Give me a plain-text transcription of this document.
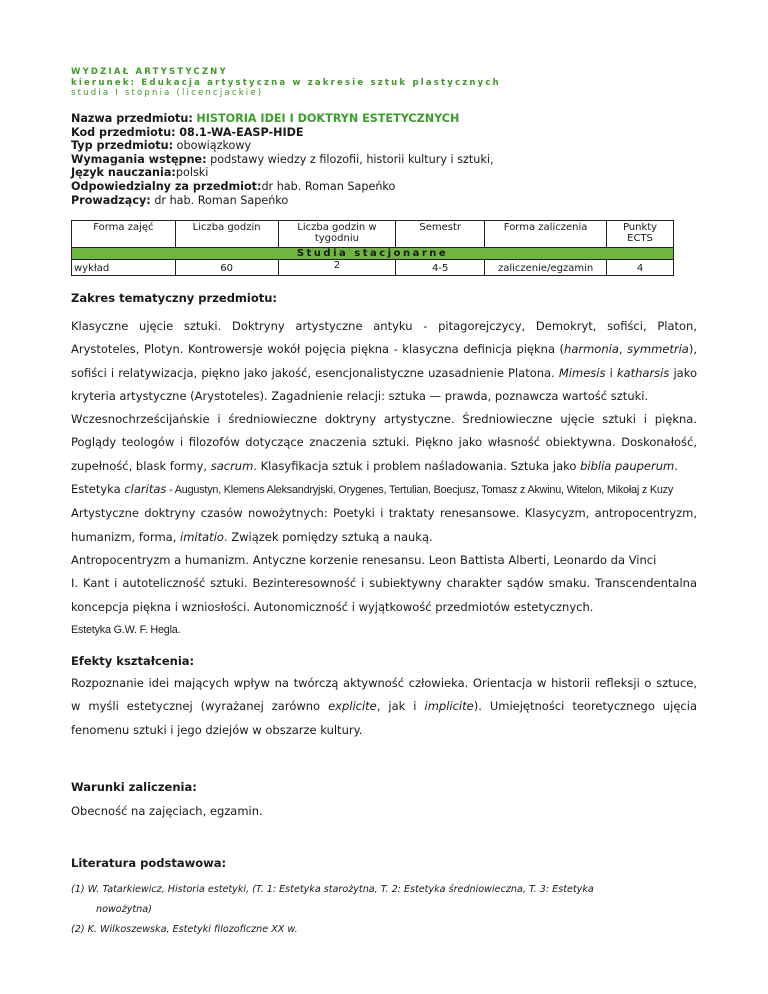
WYDZIAŁ ARTYSTYCZNY
kierunek: Edukacja artystyczna w zakresie sztuk plastycznych
studia I stopnia (licencjackie)
Nazwa przedmiotu: HISTORIA IDEI I DOKTRYN ESTETYCZNYCH
Kod przedmiotu: 08.1-WA-EASP-HIDE
Typ przedmiotu: obowiązkowy
Wymagania wstępne: podstawy wiedzy z filozofii, historii kultury i sztuki,
Język nauczania:polski
Odpowiedzialny za przedmiot:dr hab. Roman Sapeńko
Prowadzący: dr hab. Roman Sapeńko
Forma zajęć	Liczba godzin	Liczba godzin w tygodniu	Semestr	Forma zaliczenia	Punkty ECTS
Studia stacjonarne					
wykład	60	2	4-5	zaliczenie/egzamin	4
Zakres tematyczny przedmiotu:

Klasyczne ujęcie sztuki. Doktryny artystyczne antyku - pitagorejczycy, Demokryt, sofiści, Platon, Arystoteles, Plotyn. Kontrowersje wokół pojęcia piękna - klasyczna definicja piękna (harmonia, symmetria), sofiści i relatywizacja, piękno jako jakość, esencjonalistyczne uzasadnienie Platona. Mimesis i katharsis jako kryteria artystyczne (Arystoteles). Zagadnienie relacji: sztuka — prawda, poznawcza wartość sztuki.

Wczesnochrześcijańskie i średniowieczne doktryny artystyczne. Średniowieczne ujęcie sztuki i piękna. Poglądy teologów i filozofów dotyczące znaczenia sztuki. Piękno jako własność obiektywna. Doskonałość, zupełność, blask formy, sacrum. Klasyfikacja sztuk i problem naśladowania. Sztuka jako biblia pauperum.

Estetyka claritas - Augustyn, Klemens Aleksandryjski, Orygenes, Tertulian, Boecjusz, Tomasz z Akwinu, Witelon, Mikołaj z Kuzy

Artystyczne doktryny czasów nowożytnych: Poetyki i traktaty renesansowe. Klasycyzm, antropocentryzm, humanizm, forma, imitatio. Związek pomiędzy sztuką a nauką.

Antropocentryzm a humanizm. Antyczne korzenie renesansu. Leon Battista Alberti, Leonardo da Vinci

I. Kant i autoteliczność sztuki. Bezinteresowność i subiektywny charakter sądów smaku. Transcendentalna koncepcja piękna i wzniosłości. Autonomiczność i wyjątkowość przedmiotów estetycznych.

Estetyka G.W. F. Hegla.

Efekty kształcenia:

Rozpoznanie idei mających wpływ na twórczą aktywność człowieka. Orientacja w historii refleksji o sztuce, w myśli estetycznej (wyrażanej zarówno explicite, jak i implicite). Umiejętności teoretycznego ujęcia fenomenu sztuki i jego dziejów w obszarze kultury.

Warunki zaliczenia:
Obecność na zajęciach, egzamin.
Literatura podstawowa:

(1) W. Tatarkiewicz, Historia estetyki, (T. 1: Estetyka starożytna, T. 2: Estetyka średniowieczna, T. 3: Estetyka

nowożytna)

(2) K. Wilkoszewska, Estetyki filozoficzne XX w.
